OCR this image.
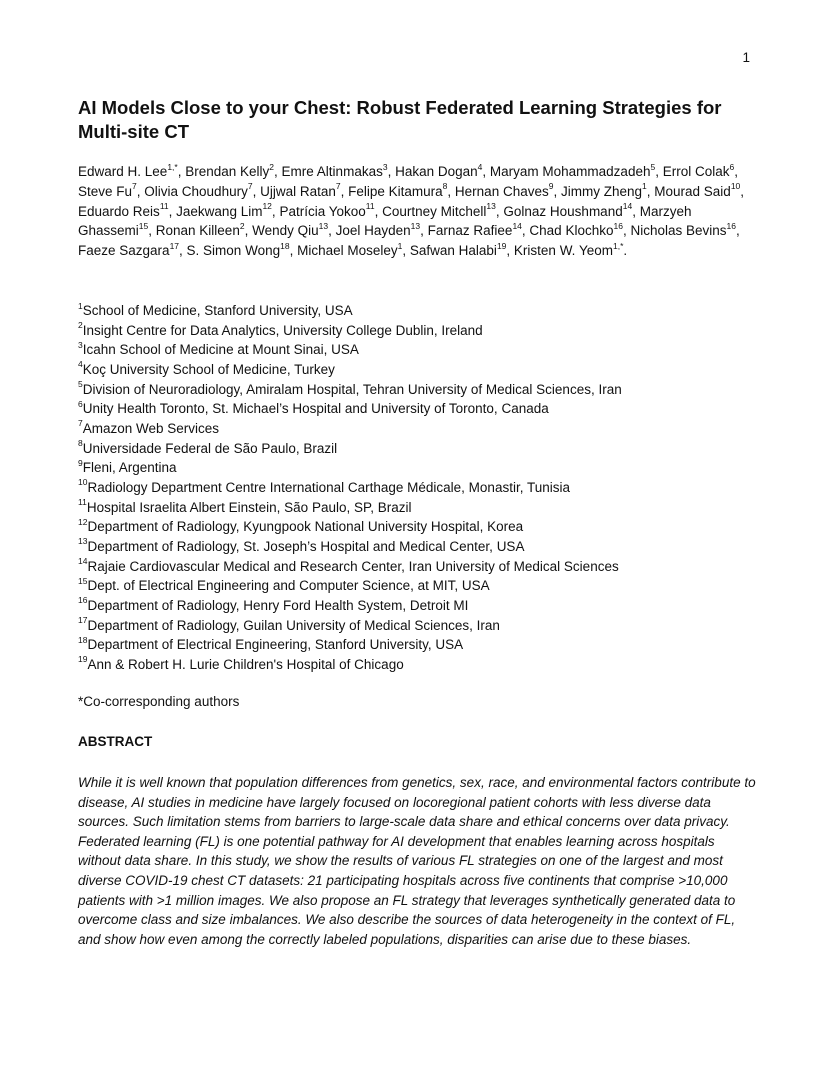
1
AI Models Close to your Chest: Robust Federated Learning Strategies for Multi-site CT
Edward H. Lee$^{1,*}$, Brendan Kelly$^2$, Emre Altinmakas$^3$, Hakan Dogan$^4$, Maryam Mohammadzadeh$^5$, Errol Colak$^6$, Steve Fu$^7$, Olivia Choudhury$^7$, Ujjwal Ratan$^7$, Felipe Kitamura$^8$, Hernan Chaves$^9$, Jimmy Zheng$^1$, Mourad Said$^{10}$, Eduardo Reis$^{11}$, Jaekwang Lim$^{12}$, Patrícia Yokoo$^{11}$, Courtney Mitchell$^{13}$, Golnaz Houshmand$^{14}$, Marzyeh Ghassemi$^{15}$, Ronan Killeen$^2$, Wendy Qiu$^{13}$, Joel Hayden$^{13}$, Farnaz Rafiee$^{14}$, Chad Klochko$^{16}$, Nicholas Bevins$^{16}$, Faeze Sazgara$^{17}$, S. Simon Wong$^{18}$, Michael Moseley$^1$, Safwan Halabi$^{19}$, Kristen W. Yeom$^{1,*}$.
$^1$School of Medicine, Stanford University, USA
$^2$Insight Centre for Data Analytics, University College Dublin, Ireland
$^3$Icahn School of Medicine at Mount Sinai, USA
$^4$Koç University School of Medicine, Turkey
$^5$Division of Neuroradiology, Amiralam Hospital, Tehran University of Medical Sciences, Iran
$^6$Unity Health Toronto, St. Michael’s Hospital and University of Toronto, Canada
$^7$Amazon Web Services
$^8$Universidade Federal de São Paulo, Brazil
$^9$Fleni, Argentina
$^{10}$Radiology Department Centre International Carthage Médicale, Monastir, Tunisia
$^{11}$Hospital Israelita Albert Einstein, São Paulo, SP, Brazil
$^{12}$Department of Radiology, Kyungpook National University Hospital, Korea
$^{13}$Department of Radiology, St. Joseph’s Hospital and Medical Center, USA
$^{14}$Rajaie Cardiovascular Medical and Research Center, Iran University of Medical Sciences
$^{15}$Dept. of Electrical Engineering and Computer Science, at MIT, USA
$^{16}$Department of Radiology, Henry Ford Health System, Detroit MI
$^{17}$Department of Radiology, Guilan University of Medical Sciences, Iran
$^{18}$Department of Electrical Engineering, Stanford University, USA
$^{19}$Ann & Robert H. Lurie Children's Hospital of Chicago
*Co-corresponding authors
ABSTRACT

While it is well known that population differences from genetics, sex, race, and environmental factors contribute to disease, AI studies in medicine have largely focused on locoregional patient cohorts with less diverse data sources. Such limitation stems from barriers to large-scale data share and ethical concerns over data privacy. Federated learning (FL) is one potential pathway for AI development that enables learning across hospitals without data share. In this study, we show the results of various FL strategies on one of the largest and most diverse COVID-19 chest CT datasets: 21 participating hospitals across five continents that comprise >10,000 patients with >1 million images. We also propose an FL strategy that leverages synthetically generated data to overcome class and size imbalances. We also describe the sources of data heterogeneity in the context of FL, and show how even among the correctly labeled populations, disparities can arise due to these biases.
